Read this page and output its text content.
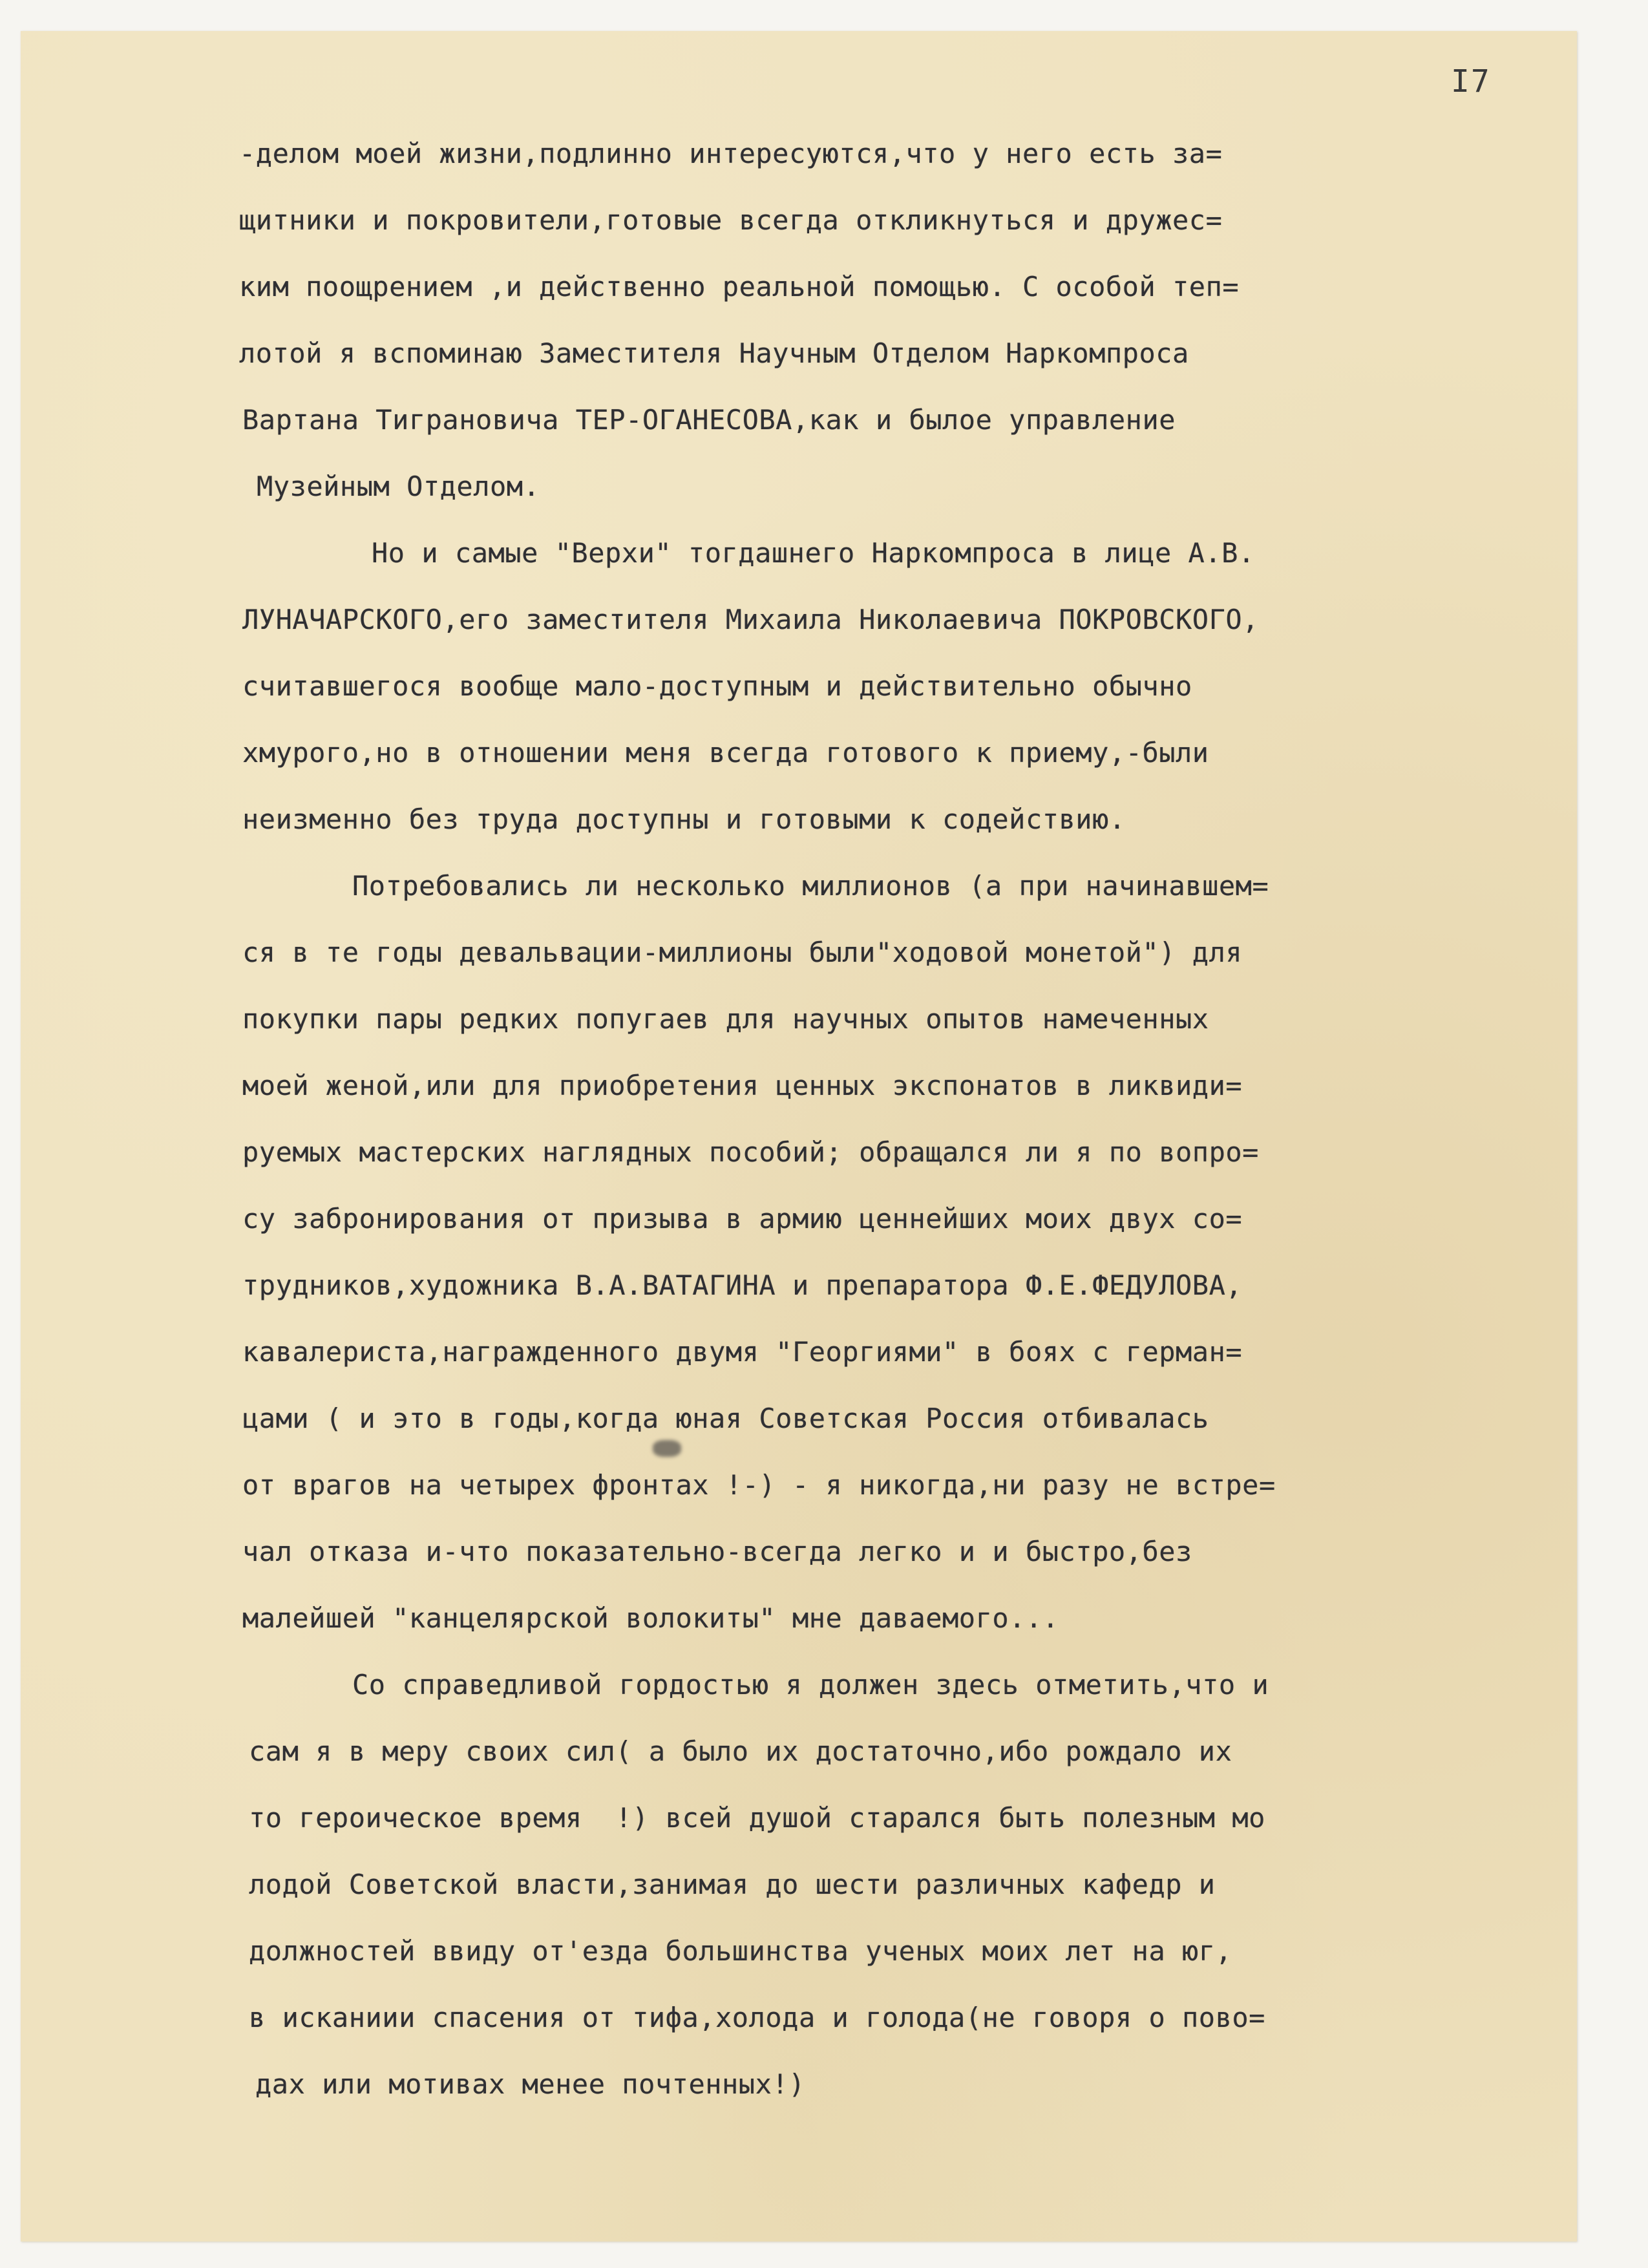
I7
-делом моей жизни,подлинно интересуются,что у него есть за=
щитники и покровители,готовые всегда откликнуться и дружес=
ким поощрением ,и действенно реальной помощью. С особой теп=
лотой я вспоминаю Заместителя Научным Отделом Наркомпроса
Вартана Тиграновича ТЕР-ОГАНЕСОВА,как и былое управление
Музейным Отделом.
Но и самые "Верхи" тогдашнего Наркомпроса в лице А.В.
ЛУНАЧАРСКОГО,его заместителя Михаила Николаевича ПОКРОВСКОГО,
считавшегося вообще мало-доступным и действительно обычно
хмурого,но в отношении меня всегда готового к приему,-были
неизменно без труда доступны и готовыми к содействию.
Потребовались ли несколько миллионов (а при начинавшем=
ся в те годы девальвации-миллионы были"ходовой монетой") для
покупки пары редких попугаев для научных опытов намеченных
моей женой,или для приобретения ценных экспонатов в ликвиди=
руемых мастерских наглядных пособий; обращался ли я по вопро=
су забронирования от призыва в армию ценнейших моих двух со=
трудников,художника В.А.ВАТАГИНА и препаратора Ф.Е.ФЕДУЛОВА,
кавалериста,награжденного двумя "Георгиями" в боях с герман=
цами ( и это в годы,когда юная Советская Россия отбивалась
от врагов на четырех фронтах !-) - я никогда,ни разу не встре=
чал отказа и-что показательно-всегда легко и и быстро,без
малейшей "канцелярской волокиты" мне даваемого...
Со справедливой гордостью я должен здесь отметить,что и
сам я в меру своих сил( а было их достаточно,ибо рождало их
то героическое время  !) всей душой старался быть полезным мо
лодой Советской власти,занимая до шести различных кафедр и
должностей ввиду от'езда большинства ученых моих лет на юг,
в исканиии спасения от тифа,холода и голода(не говоря о пово=
дах или мотивах менее почтенных!)
